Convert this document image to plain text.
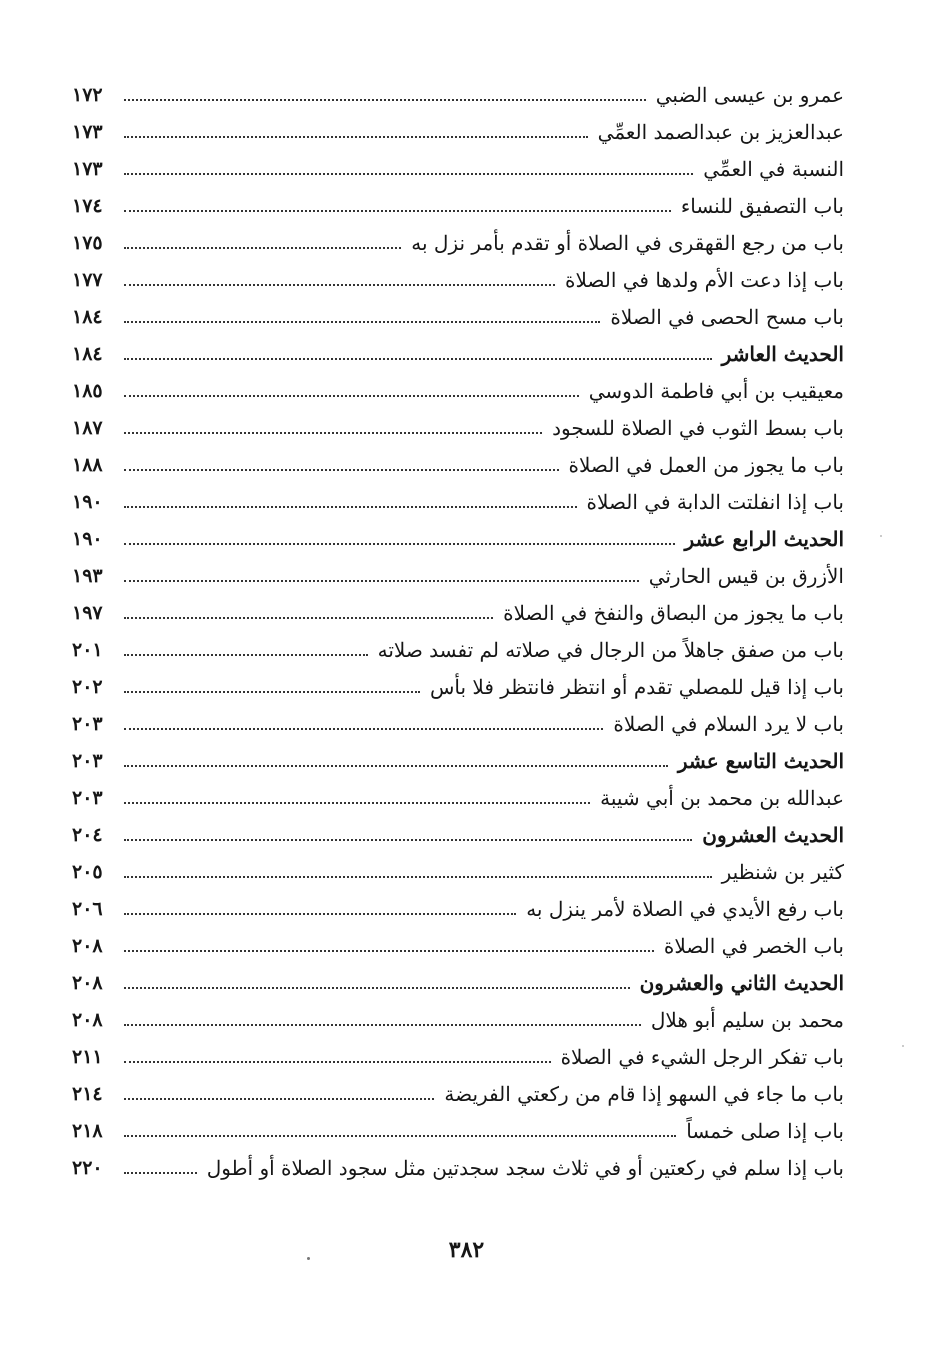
عمرو بن عيسى الضبي
١٧٢
عبدالعزيز بن عبدالصمد العمِّي
١٧٣
النسبة في العمِّي
١٧٣
باب التصفيق للنساء
١٧٤
باب من رجع القهقرى في الصلاة أو تقدم بأمر نزل به
١٧٥
باب إذا دعت الأم ولدها في الصلاة
١٧٧
باب مسح الحصى في الصلاة
١٨٤
الحديث العاشر
١٨٤
معيقيب بن أبي فاطمة الدوسي
١٨٥
باب بسط الثوب في الصلاة للسجود
١٨٧
باب ما يجوز من العمل في الصلاة
١٨٨
باب إذا انفلتت الدابة في الصلاة
١٩٠
الحديث الرابع عشر
١٩٠
الأزرق بن قيس الحارثي
١٩٣
باب ما يجوز من البصاق والنفخ في الصلاة
١٩٧
باب من صفق جاهلاً من الرجال في صلاته لم تفسد صلاته
٢٠١
باب إذا قيل للمصلي تقدم أو انتظر فانتظر فلا بأس
٢٠٢
باب لا يرد السلام في الصلاة
٢٠٣
الحديث التاسع عشر
٢٠٣
عبدالله بن محمد بن أبي شيبة
٢٠٣
الحديث العشرون
٢٠٤
كثير بن شنظير
٢٠٥
باب رفع الأيدي في الصلاة لأمر ينزل به
٢٠٦
باب الخصر في الصلاة
٢٠٨
الحديث الثاني والعشرون
٢٠٨
محمد بن سليم أبو هلال
٢٠٨
باب تفكر الرجل الشيء في الصلاة
٢١١
باب ما جاء في السهو إذا قام من ركعتي الفريضة
٢١٤
باب إذا صلى خمساً
٢١٨
باب إذا سلم في ركعتين أو في ثلاث سجد سجدتين مثل سجود الصلاة أو أطول
٢٢٠
٣٨٢
